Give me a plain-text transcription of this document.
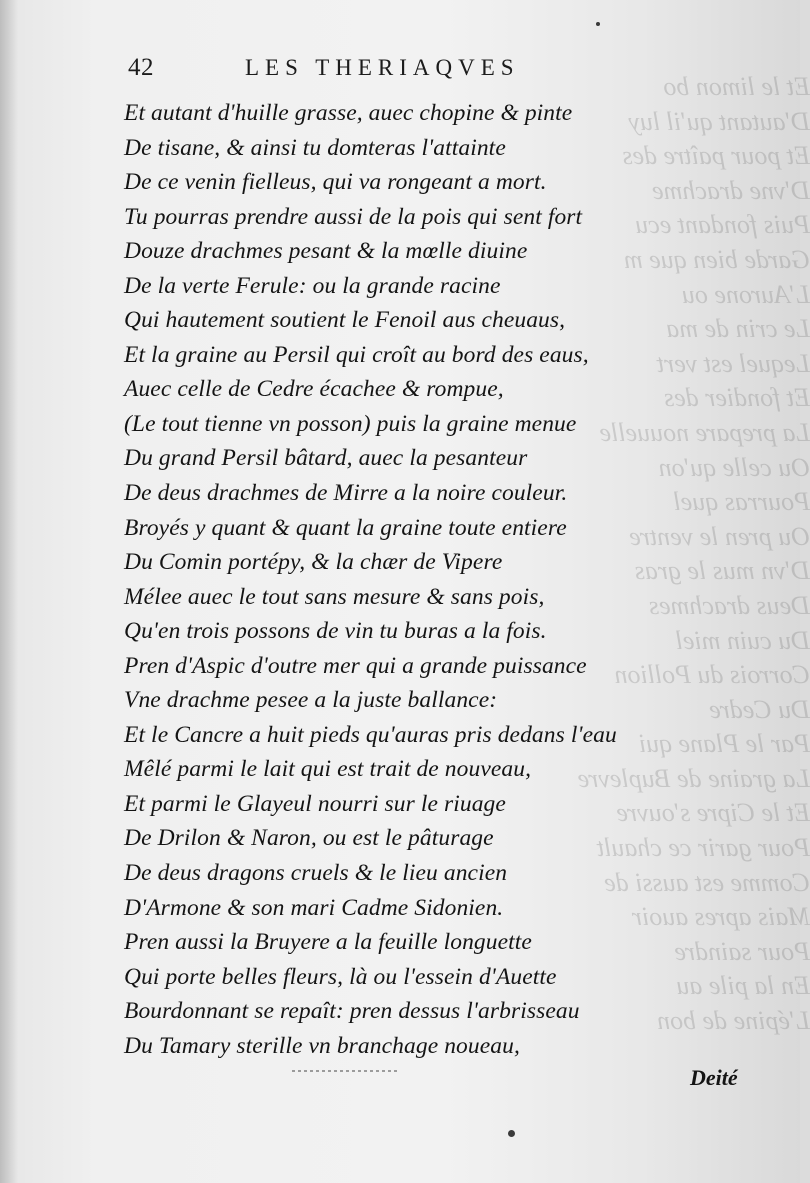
Et le limon bo
D'autant qu'il luy
Et pour paître des
D'vne drachme
Puis fondant ecu
Garde bien que m
L'Aurone ou
Le crin de ma
Lequel est vert
Et fondier des
La prepare nouuelle
Ou celle qu'on
Pourras quel
Ou pren le ventre
D'vn mus le gras
Deus drachmes
Du cuin miel
Corrois du Pollion
Du Cedre
Par le Plane qui
La graine de Buplevre
Et le Cipre s'ouvre
Pour garir ce chault
Comme est aussi de
Mais apres auoir
Pour saindre
En la pile au
L'épine de bon
42	LES THERIAQVES
Et autant d'huille grasse, auec chopine & pinte
De tisane, & ainsi tu domteras l'attainte
De ce venin fielleus, qui va rongeant a mort.
Tu pourras prendre aussi de la pois qui sent fort
Douze drachmes pesant & la mœlle diuine
De la verte Ferule: ou la grande racine
Qui hautement soutient le Fenoil aus cheuaus,
Et la graine au Persil qui croît au bord des eaus,
Auec celle de Cedre écachee & rompue,
(Le tout tienne vn posson) puis la graine menue
Du grand Persil bâtard, auec la pesanteur
De deus drachmes de Mirre a la noire couleur.
Broyés y quant & quant la graine toute entiere
Du Comin portépy, & la chær de Vipere
Mélee auec le tout sans mesure & sans pois,
Qu'en trois possons de vin tu buras a la fois.
Pren d'Aspic d'outre mer qui a grande puissance
Vne drachme pesee a la juste ballance:
Et le Cancre a huit pieds qu'auras pris dedans l'eau
Mêlé parmi le lait qui est trait de nouveau,
Et parmi le Glayeul nourri sur le riuage
De Drilon & Naron, ou est le pâturage
De deus dragons cruels & le lieu ancien
D'Armone & son mari Cadme Sidonien.
Pren aussi la Bruyere a la feuille longuette
Qui porte belles fleurs, là ou l'essein d'Auette
Bourdonnant se repaît: pren dessus l'arbrisseau
Du Tamary sterille vn branchage noueau,
Deité
